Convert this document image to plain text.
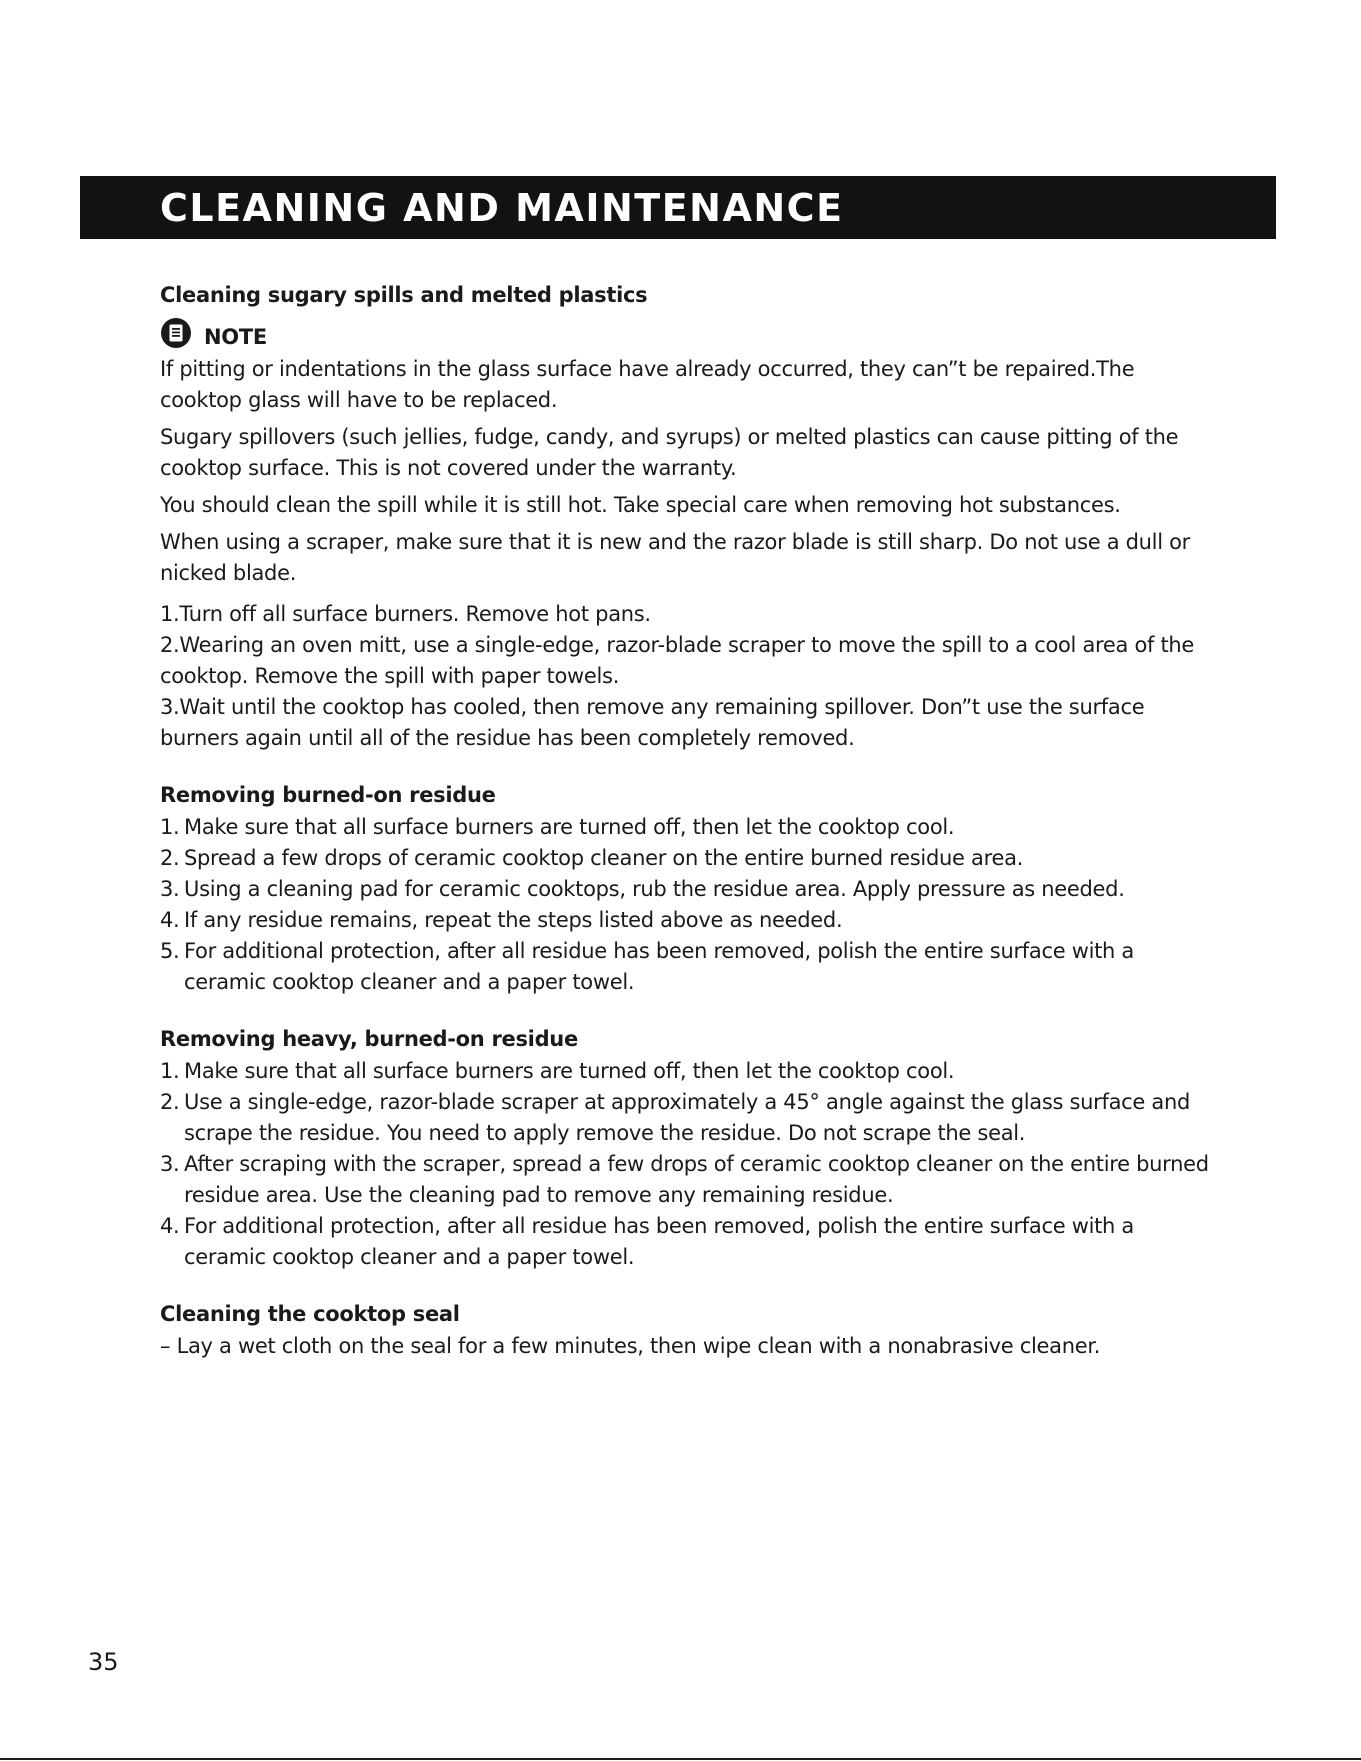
CLEANING AND MAINTENANCE

Cleaning sugary spills and melted plastics

NOTE

If pitting or indentations in the glass surface have already occurred, they can”t be repaired.The cooktop glass will have to be replaced.

Sugary spillovers (such jellies, fudge, candy, and syrups) or melted plastics can cause pitting of the cooktop surface. This is not covered under the warranty.

You should clean the spill while it is still hot. Take special care when removing hot substances.

When using a scraper, make sure that it is new and the razor blade is still sharp. Do not use a dull or nicked blade.

1.Turn off all surface burners. Remove hot pans.

2.Wearing an oven mitt, use a single-edge, razor-blade scraper to move the spill to a cool area of the cooktop. Remove the spill with paper towels.

3.Wait until the cooktop has cooled, then remove any remaining spillover. Don”t use the surface burners again until all of the residue has been completely removed.

Removing burned-on residue

1. Make sure that all surface burners are turned off, then let the cooktop cool.
2. Spread a few drops of ceramic cooktop cleaner on the entire burned residue area.
3. Using a cleaning pad for ceramic cooktops, rub the residue area. Apply pressure as needed.
4. If any residue remains, repeat the steps listed above as needed.
5. For additional protection, after all residue has been removed, polish the entire surface with a ceramic cooktop cleaner and a paper towel.

Removing heavy, burned-on residue

1. Make sure that all surface burners are turned off, then let the cooktop cool.
2. Use a single-edge, razor-blade scraper at approximately a 45° angle against the glass surface and scrape the residue. You need to apply remove the residue. Do not scrape the seal.
3. After scraping with the scraper, spread a few drops of ceramic cooktop cleaner on the entire burned residue area. Use the cleaning pad to remove any remaining residue.
4. For additional protection, after all residue has been removed, polish the entire surface with a ceramic cooktop cleaner and a paper towel.

Cleaning the cooktop seal

– Lay a wet cloth on the seal for a few minutes, then wipe clean with a nonabrasive cleaner.

35
